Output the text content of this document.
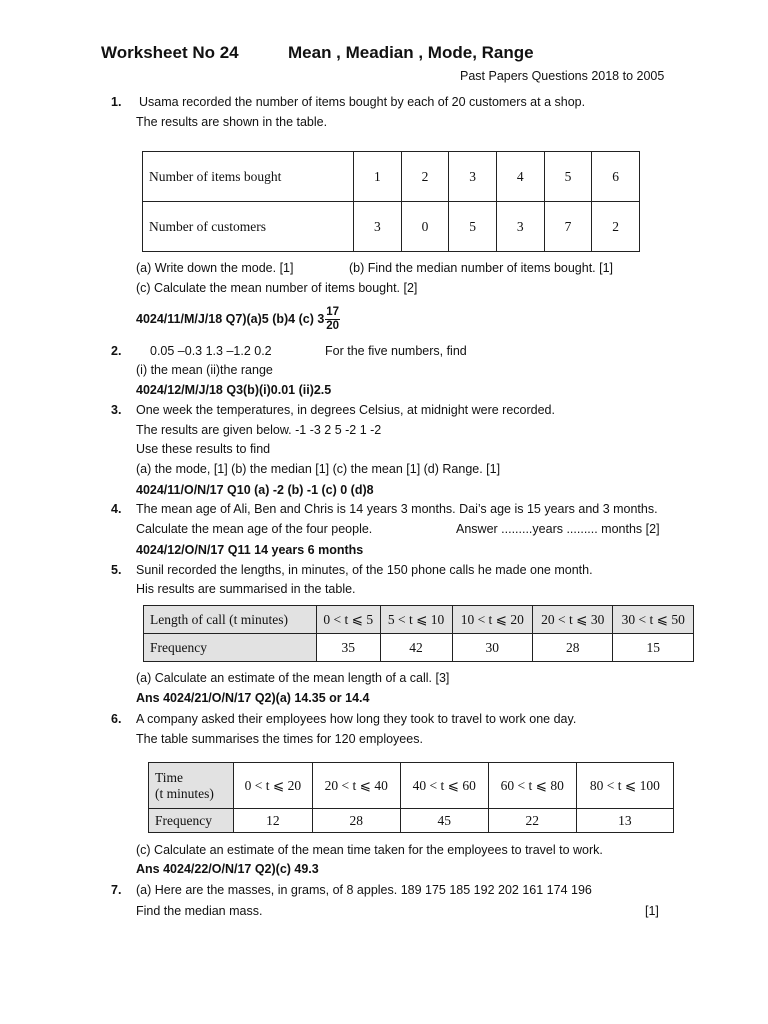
Worksheet No 24	Mean , Meadian , Mode, Range
Past Papers Questions 2018 to 2005
1. Usama recorded the number of items bought by each of 20 customers at a shop.
The results are shown in the table.
Number of items bought	1	2	3	4	5	6
Number of customers	3	0	5	3	7	2
(a) Write down the mode. [1]	(b) Find the median number of items bought. [1]
(c) Calculate the mean number of items bought. [2]
4024/11/M/J/18 Q7)(a)5 (b)4 (c) $3 \frac{17}{20}$
2. 0.05 –0.3 1.3 –1.2 0.2	For the five numbers, find
(i) the mean (ii)the range
4024/12/M/J/18 Q3(b)(i)0.01 (ii)2.5
3. One week the temperatures, in degrees Celsius, at midnight were recorded.
The results are given below. -1 -3 2 5 -2 1 -2
Use these results to find
(a) the mode, [1] (b) the median [1] (c) the mean [1] (d) Range. [1]
4024/11/O/N/17 Q10 (a) -2 (b) -1 (c) 0 (d)8
4. The mean age of Ali, Ben and Chris is 14 years 3 months. Dai’s age is 15 years and 3 months.
Calculate the mean age of the four people.	Answer .........years ......... months [2]
4024/12/O/N/17 Q11 14 years 6 months
5. Sunil recorded the lengths, in minutes, of the 150 phone calls he made one month.
His results are summarised in the table.
Length of call (t minutes)	0 < t ⩽ 5	5 < t ⩽ 10	10 < t ⩽ 20	20 < t ⩽ 30	30 < t ⩽ 50
Frequency	35	42	30	28	15
(a) Calculate an estimate of the mean length of a call. [3]
Ans 4024/21/O/N/17 Q2)(a) 14.35 or 14.4
6. A company asked their employees how long they took to travel to work one day.
The table summarises the times for 120 employees.
Time
(t minutes)	0 < t ⩽ 20	20 < t ⩽ 40	40 < t ⩽ 60	60 < t ⩽ 80	80 < t ⩽ 100
Frequency	12	28	45	22	13
(c) Calculate an estimate of the mean time taken for the employees to travel to work.
Ans 4024/22/O/N/17 Q2)(c) 49.3
7. (a) Here are the masses, in grams, of 8 apples. 189 175 185 192 202 161 174 196
Find the median mass.	[1]
